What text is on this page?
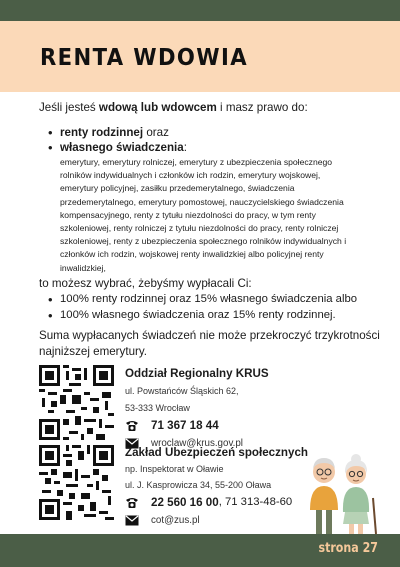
RENTA WDOWIA

Jeśli jesteś wdową lub wdowcem i masz prawo do:

• renty rodzinnej oraz
• własnego świadczenia:
emerytury, emerytury rolniczej, emerytury z ubezpieczenia społecznego rolników indywidualnych i członków ich rodzin, emerytury wojskowej, emerytury policyjnej, zasiłku przedemerytalnego, świadczenia przedemerytalnego, emerytury pomostowej, nauczycielskiego świadczenia kompensacyjnego, renty z tytułu niezdolności do pracy, w tym renty szkoleniowej, renty rolniczej z tytułu niezdolności do pracy, renty rolniczej szkoleniowej, renty z ubezpieczenia społecznego rolników indywidualnych i członków ich rodzin, wojskowej renty inwalidzkiej albo policyjnej renty inwalidzkiej,

to możesz wybrać, żebyśmy wypłacali Ci:

• 100% renty rodzinnej oraz 15% własnego świadczenia albo
• 100% własnego świadczenia oraz 15% renty rodzinnej.

Suma wypłacanych świadczeń nie może przekroczyć trzykrotności najniższej emerytury.

Oddział Regionalny KRUS
ul. Powstańców Śląskich 62,
53-333 Wrocław
71 367 18 44
wroclaw@krus.gov.pl
Zakład Ubezpieczeń społecznych
np. Inspektorat w Oławie
ul. J. Kasprowicza 34, 55-200 Oława
22 560 16 00 , 71 313-48-60
cot@zus.pl
strona 27
